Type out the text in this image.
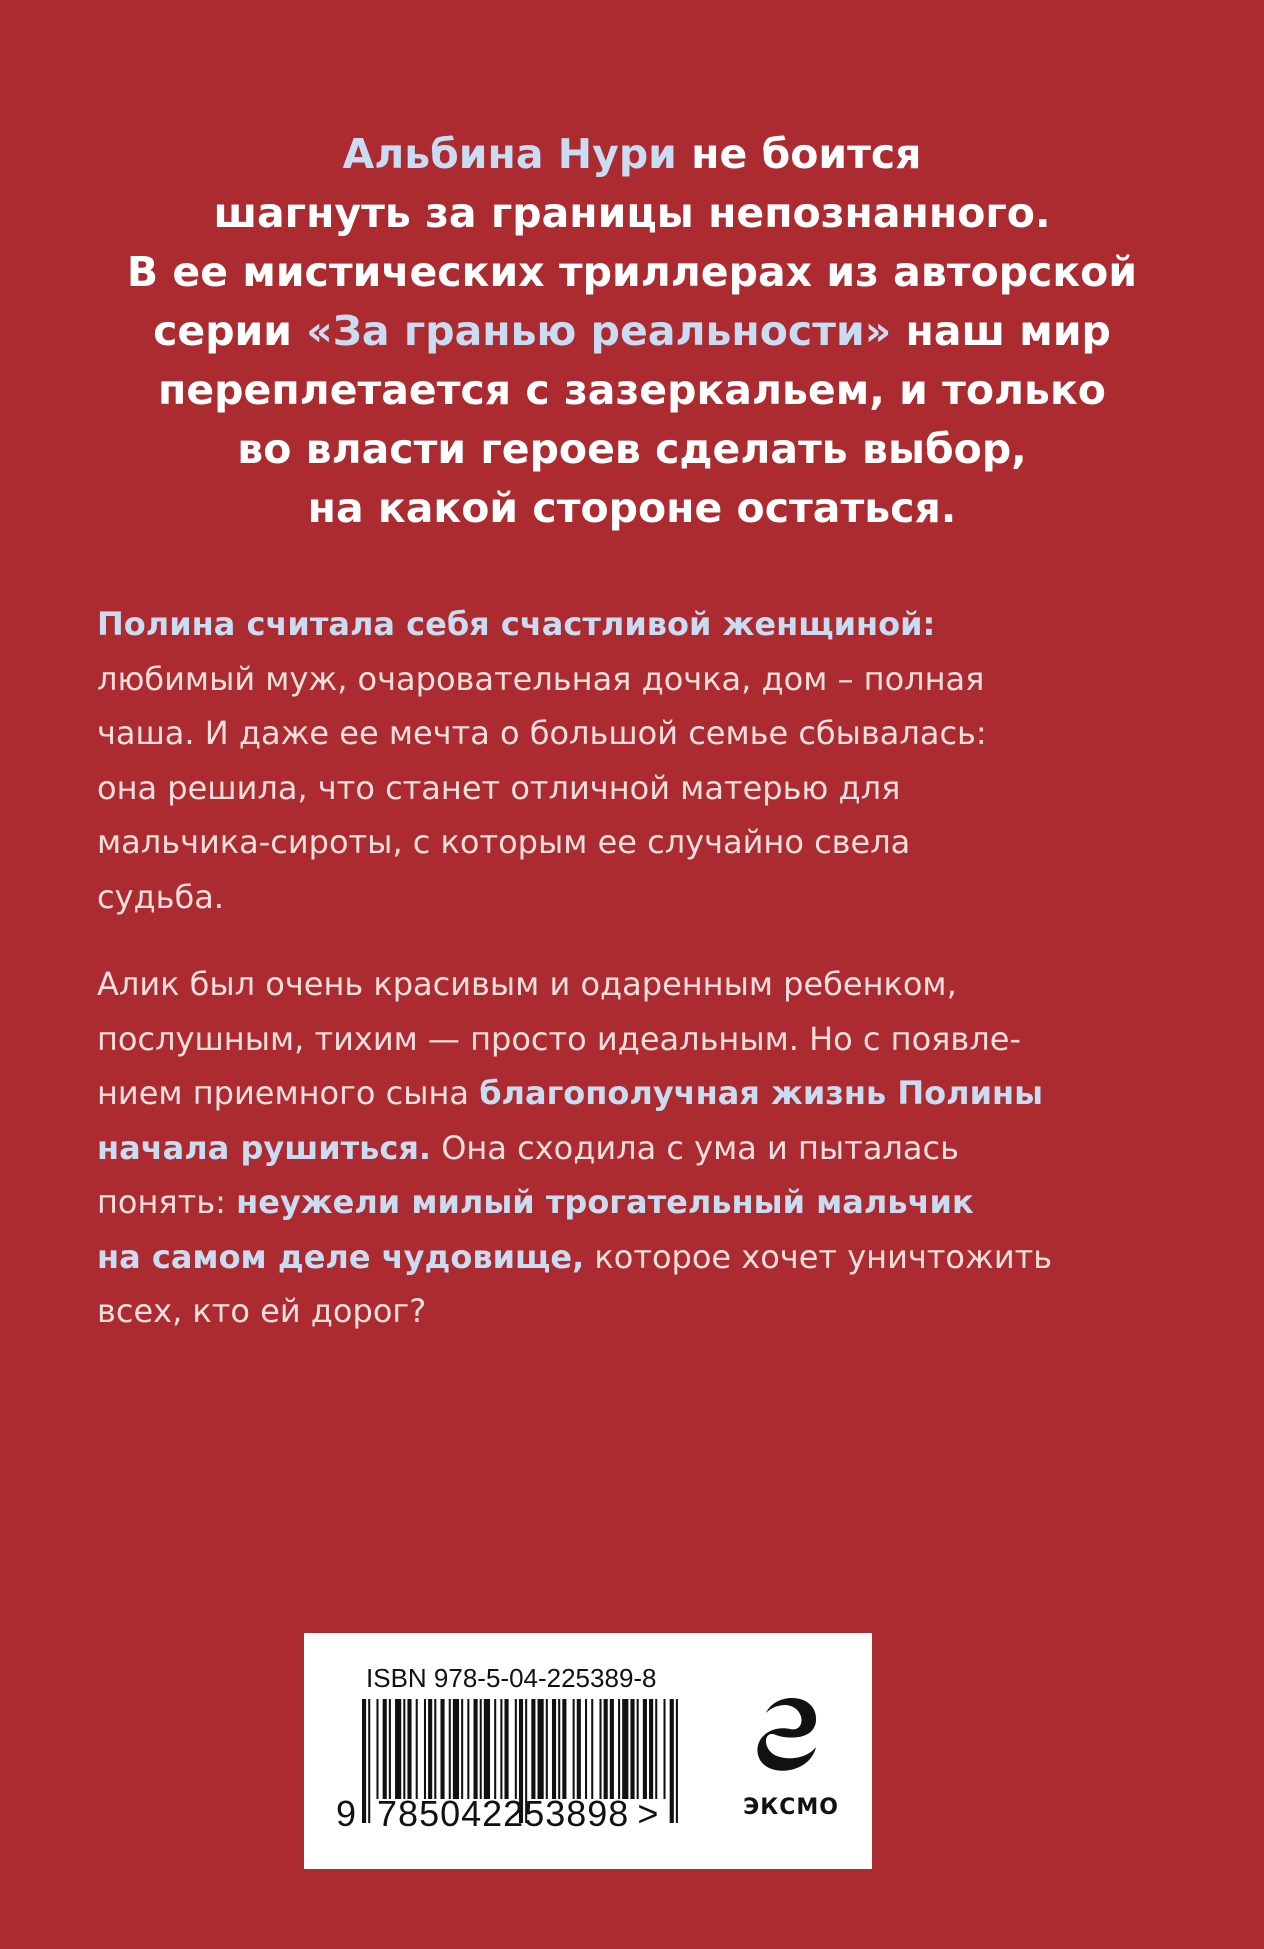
Альбина Нури не боится
шагнуть за границы непознанного.
В ее мистических триллерах из авторской
серии «За гранью реальности» наш мир
переплетается с зазеркальем, и только
во власти героев сделать выбор,
на какой стороне остаться.
Полина считала себя счастливой женщиной:
любимый муж, очаровательная дочка, дом – полная
чаша. И даже ее мечта о большой семье сбывалась:
она решила, что станет отличной матерью для
мальчика-сироты, с которым ее случайно свела
судьба.
Алик был очень красивым и одаренным ребенком,
послушным, тихим — просто идеальным. Но с появле-
нием приемного сына благополучная жизнь Полины
начала рушиться. Она сходила с ума и пыталась
понять: неужели милый трогательный мальчик
на самом деле чудовище, которое хочет уничтожить
всех, кто ей дорог?
ISBN 978-5-04-225389-8
9 785042253898 >	ЭКСМО
